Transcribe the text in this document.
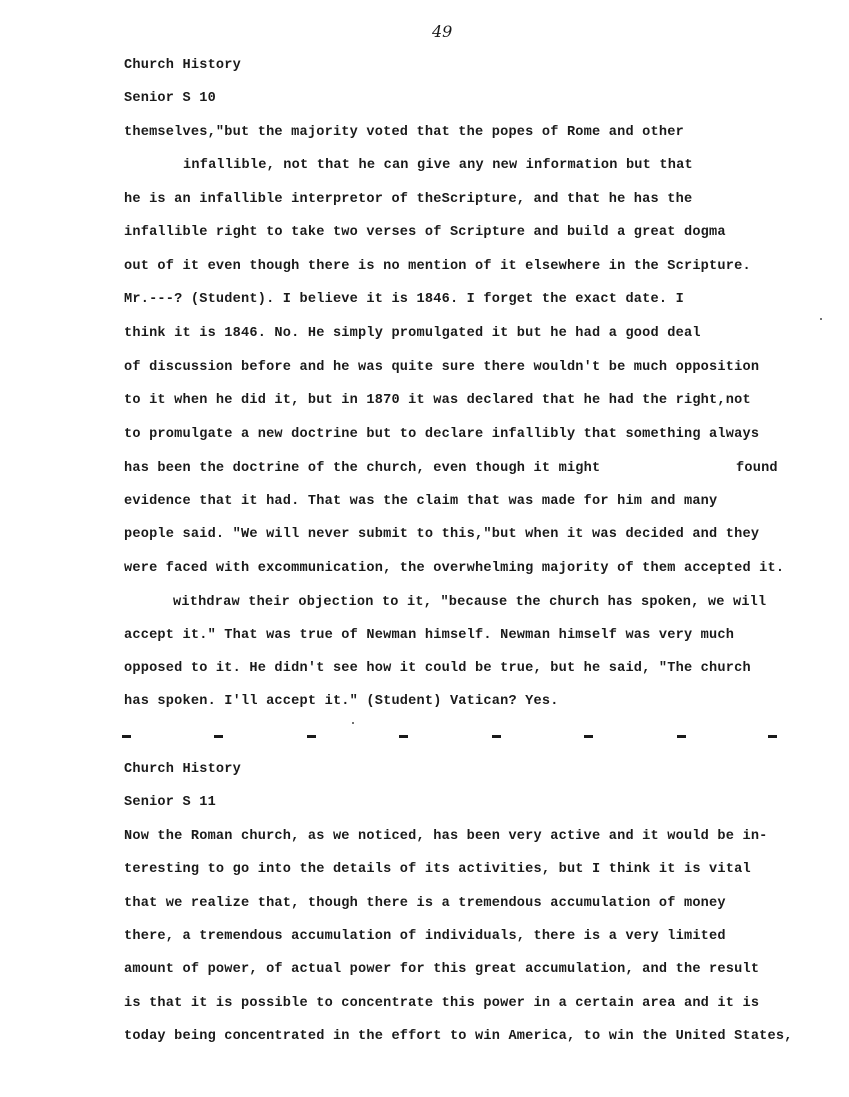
49
Church History
Senior S 10
themselves,"but the majority voted that the popes of Rome and other
infallible, not that he can give any new information but that
he is an infallible interpretor of theScripture, and that he has the
infallible right to take two verses of Scripture and build a great dogma
out of it even though there is no mention of it elsewhere in the Scripture.
Mr.---? (Student). I believe it is 1846. I forget the exact date. I
think it is 1846. No. He simply promulgated it but he had a good deal
of discussion before and he was quite sure there wouldn't be much opposition
to it when he did it, but in 1870 it was declared that he had the right,not
to promulgate a new doctrine but to declare infallibly that something always
has been the doctrine of the church, even though it might	found
evidence that it had. That was the claim that was made for him and many
people said. "We will never submit to this,"but when it was decided and they
were faced with excommunication, the overwhelming majority of them accepted it.
withdraw their objection to it, "because the church has spoken, we will
accept it." That was true of Newman himself. Newman himself was very much
opposed to it. He didn't see how it could be true, but he said, "The church
has spoken. I'll accept it." (Student) Vatican? Yes.
Church History
Senior S 11
Now the Roman church, as we noticed, has been very active and it would be in-
teresting to go into the details of its activities, but I think it is vital
that we realize that, though there is a tremendous accumulation of money
there, a tremendous accumulation of individuals, there is a very limited
amount of power, of actual power for this great accumulation, and the result
is that it is possible to concentrate this power in a certain area and it is
today being concentrated in the effort to win America, to win the United States,
